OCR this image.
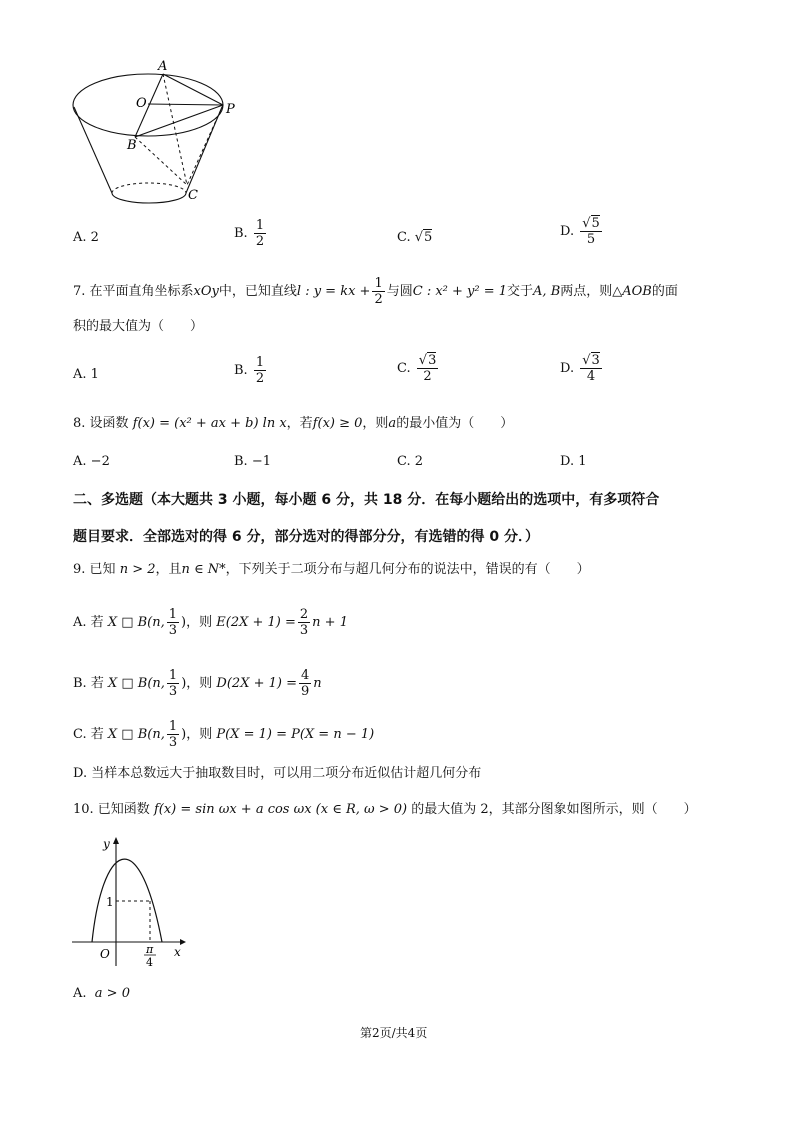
A
O	P
B
C
A. 2	B. $\frac{1}{2}$	C. √5	D. $\frac{√5}{5}$
7. 在平面直角坐标系xOy中，已知直线l : y = kx + $\frac{1}{2}$ 与圆C : x² + y² = 1交于A, B两点，则△AOB的面
积的最大值为（　　）
A. 1	B. $\frac{1}{2}$	C. $\frac{√3}{2}$	D. $\frac{√3}{4}$
8. 设函数 f(x) = (x² + ax + b) ln x，若f(x) ≥ 0，则a的最小值为（　　）
A. −2	B. −1	C. 2	D. 1
二、多选题（本大题共 3 小题，每小题 6 分，共 18 分．在每小题给出的选项中，有多项符合
题目要求．全部选对的得 6 分，部分选对的得部分分，有选错的得 0 分．）
9. 已知 n > 2，且n ∈ N*，下列关于二项分布与超几何分布的说法中，错误的有（　　）
A. 若 X □ B(n, $\frac{1}{3}$ )，则 $E(2X + 1) = \frac{2}{3}$ n + 1
B. 若 X □ B(n, $\frac{1}{3}$ )，则 $D(2X + 1) = \frac{4}{9}$ n
C. 若 X □ B(n, $\frac{1}{3}$ )，则 P(X = 1) = P(X = n − 1)
D. 当样本总数远大于抽取数目时，可以用二项分布近似估计超几何分布
10. 已知函数 f(x) = sin ωx + a cos ωx (x ∈ R, ω > 0) 的最大值为 2，其部分图象如图所示，则（　　）
y
x
O
1
π
4
A. a > 0
第2页/共4页
